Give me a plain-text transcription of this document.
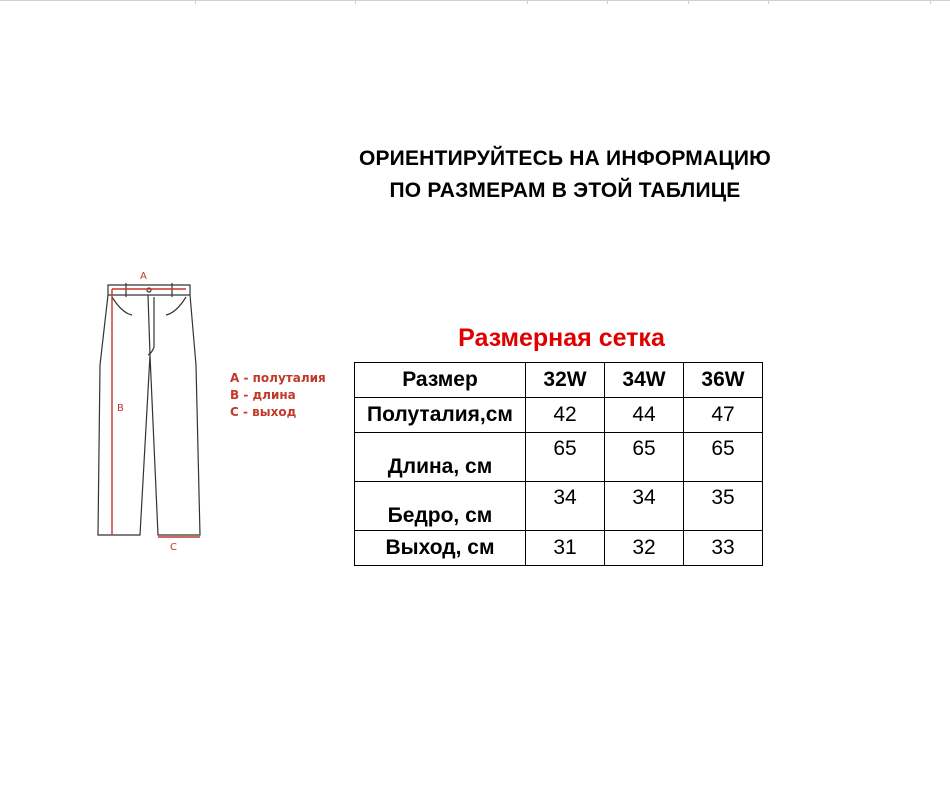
ОРИЕНТИРУЙТЕСЬ НА ИНФОРМАЦИЮ
ПО РАЗМЕРАМ В ЭТОЙ ТАБЛИЦЕ
A
B
C
A - полуталия
B - длина
C - выход
Размерная сетка
Размер	32W	34W	36W
Полуталия,см	42	44	47
Длина, см	65	65	65
Бедро, см	34	34	35
Выход, см	31	32	33
